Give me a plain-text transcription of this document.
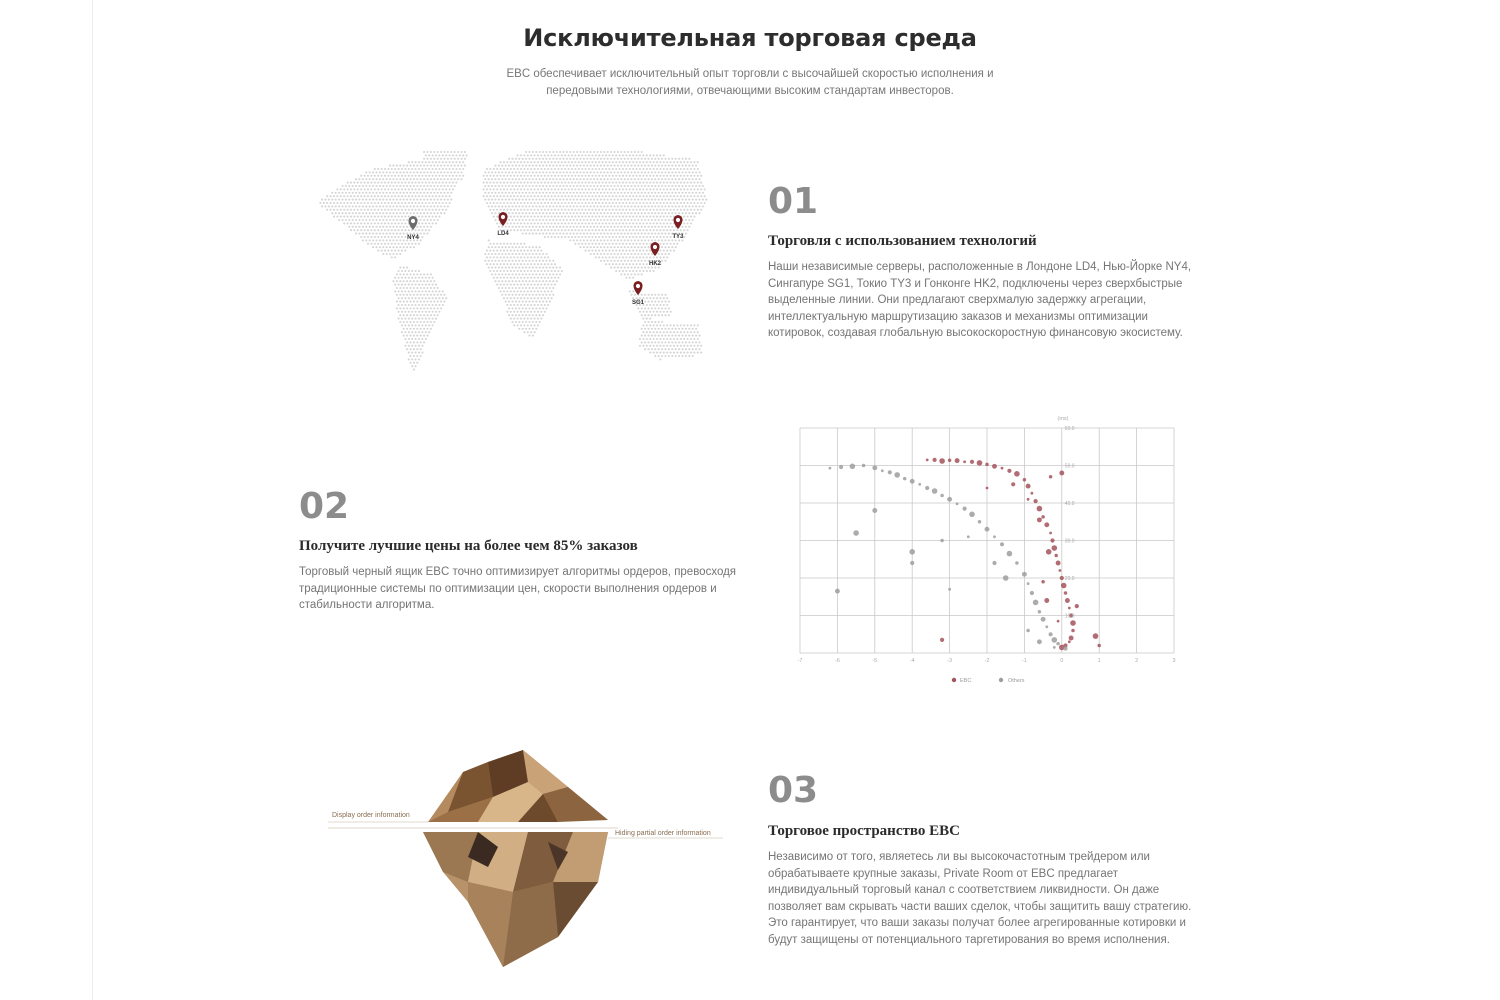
Исключительная торговая среда

EBC обеспечивает исключительный опыт торговли с высочайшей скоростью исполнения и передовыми технологиями, отвечающими высоким стандартам инвесторов.

NY4
LD4	TY3
HK2
SG1
01
Торговля с использованием технологий

Наши независимые серверы, расположенные в Лондоне LD4, Нью-Йорке NY4, Сингапуре SG1, Токио TY3 и Гонконге HK2, подключены через сверхбыстрые выделенные линии. Они предлагают сверхмалую задержку агрегации, интеллектуальную маршрутизацию заказов и механизмы оптимизации котировок, создавая глобальную высокоскоростную финансовую экосистему.

-7	-6	-5	-4	-3	-2	-1	0	1	2	3
10.0
20.0
30.0
40.0
50.0
60.0
(ms)
EBC	Others
02
Получите лучшие цены на более чем 85% заказов

Торговый черный ящик EBC точно оптимизирует алгоритмы ордеров, превосходя традиционные системы по оптимизации цен, скорости выполнения ордеров и стабильности алгоритма.

Display order information
Hiding partial order information
03
Торговое пространство EBC

Независимо от того, являетесь ли вы высокочастотным трейдером или обрабатываете крупные заказы, Private Room от EBC предлагает индивидуальный торговый канал с соответствием ликвидности. Он даже позволяет вам скрывать части ваших сделок, чтобы защитить вашу стратегию. Это гарантирует, что ваши заказы получат более агрегированные котировки и будут защищены от потенциального таргетирования во время исполнения.
